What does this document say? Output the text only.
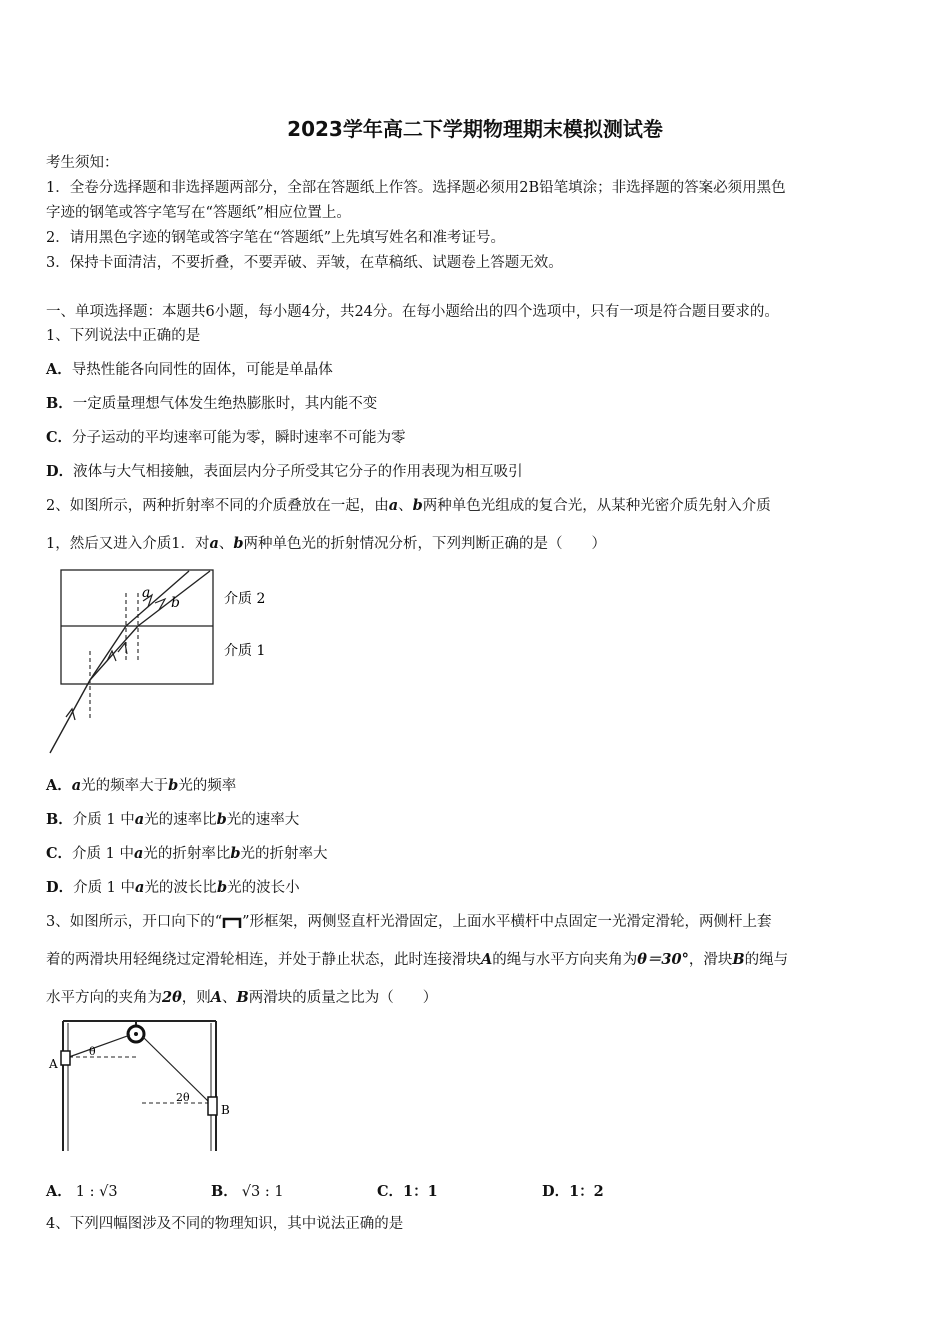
2023学年高二下学期物理期末模拟测试卷
考生须知：
1．全卷分选择题和非选择题两部分，全部在答题纸上作答。选择题必须用2B铅笔填涂；非选择题的答案必须用黑色
字迹的钢笔或答字笔写在“答题纸”相应位置上。
2．请用黑色字迹的钢笔或答字笔在“答题纸”上先填写姓名和准考证号。
3．保持卡面清洁，不要折叠，不要弄破、弄皱，在草稿纸、试题卷上答题无效。
一、单项选择题：本题共6小题，每小题4分，共24分。在每小题给出的四个选项中，只有一项是符合题目要求的。
1、下列说法中正确的是
A．导热性能各向同性的固体，可能是单晶体
B．一定质量理想气体发生绝热膨胀时，其内能不变
C．分子运动的平均速率可能为零，瞬时速率不可能为零
D．液体与大气相接触，表面层内分子所受其它分子的作用表现为相互吸引
2、如图所示，两种折射率不同的介质叠放在一起，由a、b两种单色光组成的复合光，从某种光密介质先射入介质
1，然后又进入介质1．对a、b两种单色光的折射情况分析，下列判断正确的是（　　）
a
b	介质 2
介质 1
A．a光的频率大于b光的频率
B．介质 1 中a光的速率比b光的速率大
C．介质 1 中a光的折射率比b光的折射率大
D．介质 1 中a光的波长比b光的波长小
3、如图所示，开口向下的“ ”形框架，两侧竖直杆光滑固定，上面水平横杆中点固定一光滑定滑轮，两侧杆上套
着的两滑块用轻绳绕过定滑轮相连，并处于静止状态，此时连接滑块A的绳与水平方向夹角为θ＝30°，滑块B的绳与
水平方向的夹角为2θ，则A、B两滑块的质量之比为（　　）
A
B
θ
2θ
A． 1 : √3	B． √3 : 1	C．1：1	D．1：2
4、下列四幅图涉及不同的物理知识，其中说法正确的是
